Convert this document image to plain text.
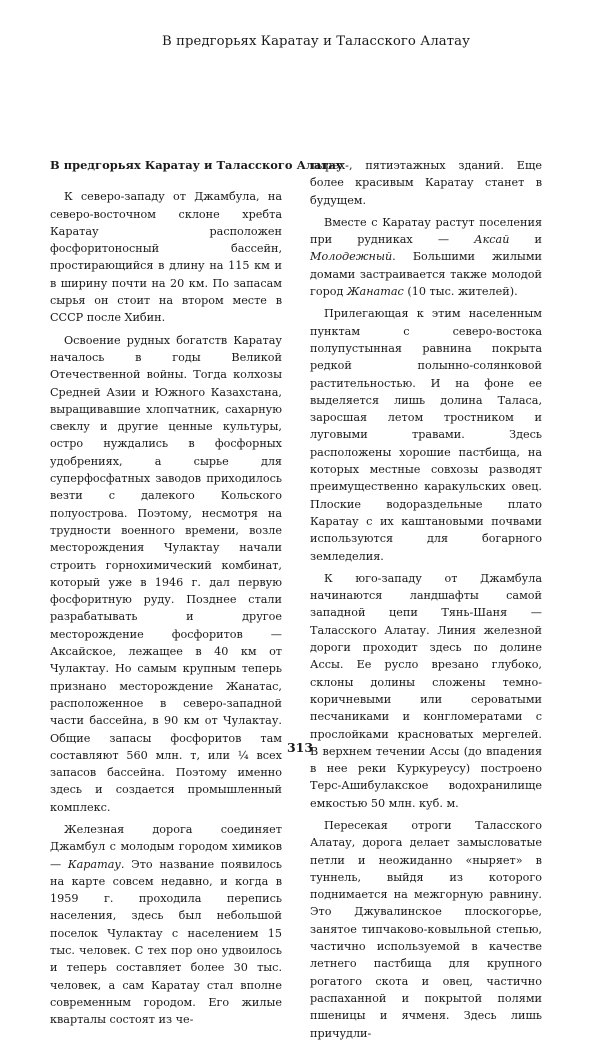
В предгорьях Каратау и Таласского Алатау
В предгорьях Каратау и Таласского Алатау

К северо-западу от Джамбула, на северо-восточном склоне хребта Каратау расположен фосфоритоносный бассейн, простирающийся в длину на 115 км и в ширину почти на 20 км. По запасам сырья он стоит на втором месте в СССР после Хибин.

Освоение рудных богатств Каратау началось в годы Великой Отечественной войны. Тогда колхозы Средней Азии и Южного Казахстана, выращивавшие хлопчатник, сахарную свеклу и другие ценные культуры, остро нуждались в фосфорных удобрениях, а сырье для суперфосфатных заводов приходилось везти с далекого Кольского полуострова. Поэтому, несмотря на трудности военного времени, возле месторождения Чулактау начали строить горнохимический комбинат, который уже в 1946 г. дал первую фосфоритную руду. Позднее стали разрабатывать и другое месторождение фосфоритов — Аксайское, лежащее в 40 км от Чулактау. Но самым крупным теперь признано месторождение Жанатас, расположенное в северо-западной части бассейна, в 90 км от Чулактау. Общие запасы фосфоритов там составляют 560 млн. т, или ¼ всех запасов бассейна. Поэтому именно здесь и создается промышленный комплекс.

Железная дорога соединяет Джамбул с молодым городом химиков — Каратау. Это название появилось на карте совсем недавно, и когда в 1959 г. проходила перепись населения, здесь был небольшой поселок Чулактау с населением 15 тыс. человек. С тех пор оно удвоилось и теперь составляет более 30 тыс. человек, а сам Каратау стал вполне современным городом. Его жилые кварталы состоят из че-

тырех-, пятиэтажных зданий. Еще более красивым Каратау станет в будущем.

Вместе с Каратау растут поселения при рудниках — Аксай и Молодежный. Большими жилыми домами застраивается также молодой город Жанатас (10 тыс. жителей).

Прилегающая к этим населенным пунктам с северо-востока полупустынная равнина покрыта редкой полынно-солянковой растительностью. И на фоне ее выделяется лишь долина Таласа, заросшая летом тростником и луговыми травами. Здесь расположены хорошие пастбища, на которых местные совхозы разводят преимущественно каракульских овец. Плоские водораздельные плато Каратау с их каштановыми почвами используются для богарного земледелия.

К юго-западу от Джамбула начинаются ландшафты самой западной цепи Тянь-Шаня — Таласского Алатау. Линия железной дороги проходит здесь по долине Ассы. Ее русло врезано глубоко, склоны долины сложены темно-коричневыми или сероватыми песчаниками и конгломератами с прослойками красноватых мергелей. В верхнем течении Ассы (до впадения в нее реки Куркуреусу) построено Терс-Ашибулакское водохранилище емкостью 50 млн. куб. м.

Пересекая отроги Таласского Алатау, дорога делает замысловатые петли и неожиданно «ныряет» в туннель, выйдя из которого поднимается на межгорную равнину. Это Джувалинское плоскогорье, занятое типчаково-ковыльной степью, частично используемой в качестве летнего пастбища для крупного рогатого скота и овец, частично распаханной и покрытой полями пшеницы и ячменя. Здесь лишь причудли-

313
